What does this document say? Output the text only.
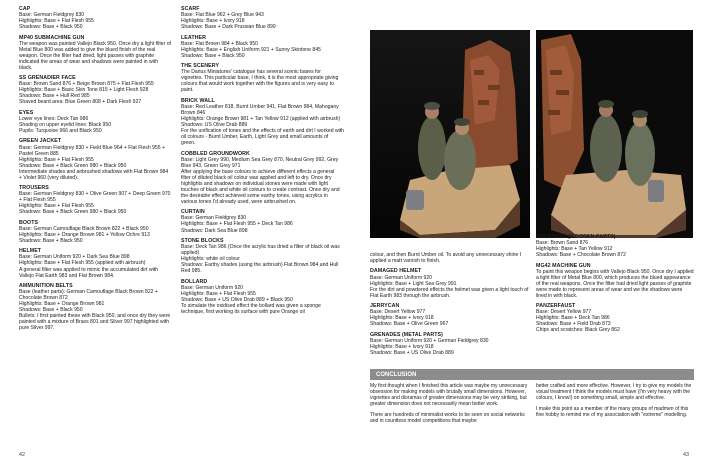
CAP
Base: German Fieldgrey 830
Highlights: Base + Flat Flesh 955
Shadows: Base + Black 950
MP40 SUBMACHINE GUN
The weapon was painted Vallejo Black 950. Once dry a light filter of Metal Blue 800 was added to give the blued finish of the real weapon. Once the filter had dried, light passes with graphite indicated the areas of wear and shadows were painted in with black.
SS GRENADIER FACE
Base: Brown Sand 876 + Beige Brown 875 + Flat Flesh 955
Highlights: Base + Basic Skin Tone 815 + Light Flesh 928
Shadows: Base + Hull Red 985
Shaved beard area: Blue Green 808 + Dark Flesh 927
EYES
Lower eye lines: Deck Tan 986
Shading on upper eyelid lines: Black 950
Pupils: Turquoise 966 and Black 950
GREEN JACKET
Base: German Fieldgrey 830 + Field Blue 964 + Flat Flesh 955 + Pastel Green 885
Highlights: Base + Flat Flesh 955
Shadows: Base + Black Green 980 + Black 950
Intermediate shades and airbrushed shadows with Flat Brown 984 + Violet 960 (very diluted).
TROUSERS
Base: German Fieldgrey 830 + Olive Green 907 + Deep Green 970 + Flat Flesh 955
Highlights: Base + Flat Flesh 955
Shadows: Base + Black Green 980 + Black 950
BOOTS
Base: German Camouflage Black Brown 822 + Black 950
Highlights: Base + Orange Brown 981 + Yellow Ochre 913
Shadows: Base + Black 950
HELMET
Base: German Uniform 920 + Dark Sea Blue 898
Highlights: Base + Flat Flesh 955 (applied with airbrush)
A general filter was applied to mimic the accumulated dirt with Vallejo Flat Earth 983 and Flat Brown 984.
AMMUNITION BELTS
Base (leather parts): German Camouflage Black Brown 822 + Chocolate Brown 872
Highlights: Base + Orange Brown 981
Shadows: Base + Black 950
Bullets: I first painted these with Black 950, and once dry they were painted with a mixture of Brass 801 and Silver 997 highlighted with pure Silver 997.
SCARF
Base: Flat Blue 962 + Grey Blue 943
Highlights: Base + Ivory 918
Shadows: Base + Dark Prussian Blue 899
LEATHER
Base: Flat Brown 984 + Black 950
Highlights: Base + English Uniform 921 + Sunny Skintone 845
Shadows: Base + Black 950
THE SCENERY
The Darius Miniatures' catalogue has several scenic bases for vignettes. This particular base, I think, it is the most appropriate giving colours that would work together with the figures and is very easy to paint.
BRICK WALL
Base: Red Leather 818, Burnt Umber 941, Flat Brown 984, Mahogany Brown 846
Highlights: Orange Brown 981 + Tan Yellow 912 (applied with airbrush)
Shadows: US Olive Drab 889
For the unification of tones and the effects of earth and dirt I worked with oil colours - Burnt Umber, Earth, Light Grey and small amounts of green.
COBBLED GROUNDWORK
Base: Light Grey 990, Medium Sea Grey 870, Neutral Grey 992, Grey Blue 943, Green Grey 971
After applying the base colours to achieve different effects a general filter of diluted black oil colour was applied and left to dry. Once dry highlights and shadows on individual stones were made with light touches of black and white oil colours to create contrast. Once dry and the desirable effect achieved some earthy tones, using acrylics in various tones I'd already used, were airbrushed on.
CURTAIN
Base: German Fieldgrey 830
Highlights: Base + Flat Flesh 955 + Deck Tan 986
Shadows: Dark Sea Blue 898
STONE BLOCKS
Base: Deck Tan 986 (Once the acrylic has dried a filter of black oil was applied)
Highlights: white oil colour
Shadows: Earthy shades (using the airbrush) Flat Brown 984 and Hull Red 985.
BOLLARD
Base: German Uniform 920
Highlights: Base + Flat Flesh 955
Shadows: Base + US Olive Drab 889 + Black 950
To simulate the oxidised effect the bollard was given a sponge technique, first working its surface with pure Orange oil
colour, and then Burnt Umber oil. To avoid any unnecessary shine I applied a matt varnish to finish.
DAMAGED HELMET
Base: German Uniform 920
Highlights: Base + Light Sea Grey 991
For the dirt and powdered effects the helmet was given a light touch of Flat Earth 983 through the airbrush.
JERRYCAN
Base: Desert Yellow 977
Highlights: Base + Ivory 918
Shadows: Base + Olive Green 967
GRENADES (METAL PARTS)
Base: German Uniform 920 + German Fieldgrey 830
Highlights: Base + Ivory 918
Shadows: Base + US Olive Drab 889
GRENADES (WOODEN PARTS)
Base: Brown Sand 876
Highlights: Base + Tan Yellow 912
Shadows: Base + Chocolate Brown 872
MG42 MACHINE GUN
To paint this weapon begins with Vallejo Black 950. Once dry I applied a light filter of Metal Blue 800, which produces the blued appearance of the real weapons. Once the filter had dried light passes of graphite were made to represent areas of wear and we the shadows were lined in with black.
PANZERFAUST
Base: Desert Yellow 977
Highlights: Base + Deck Tan 986
Shadows: Base + Field Drab 873
Chips and scratches: Black Grey 862
CONCLUSION
My first thought when I finished this article was maybe my unnecessary obsession for making models with brutally small dimensions. However, vignettes and dioramas of greater dimensions may be very striking, but greater dimension does not necessarily mean better work.
There are hundreds of minimalist works to be seen on social networks and in countless model competitions that maybe
better crafted and more effective. However, I try to give my models the visual treatment I think the models must have (I'm very heavy with the colours, I know!) on something small, simple and effective.
I make this point as a member of the many groups of madmen of this fine hobby to remind me of my association with "extreme" modelling.
42	43
